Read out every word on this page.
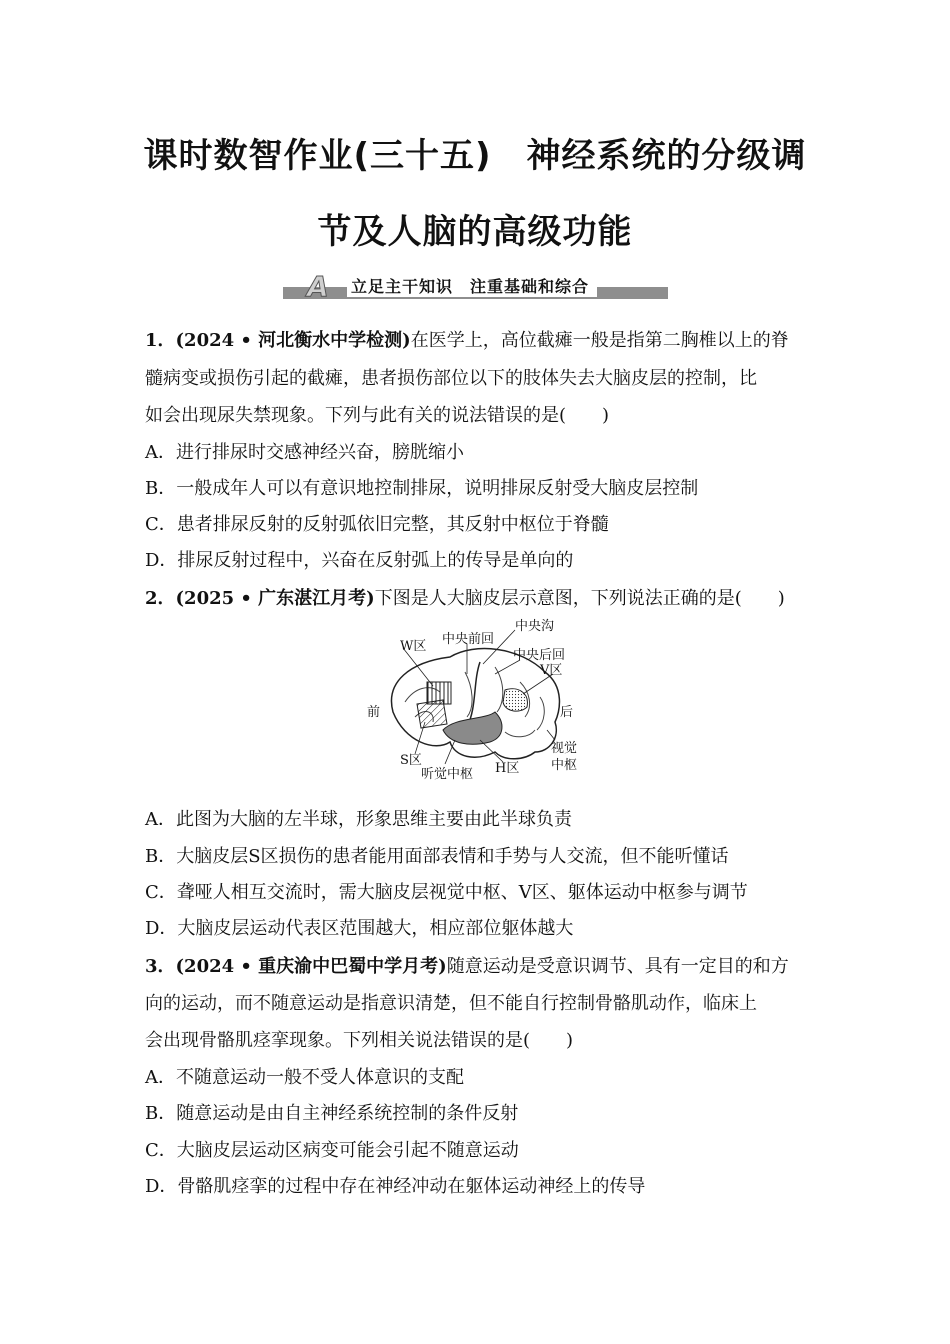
课时数智作业(三十五)　神经系统的分级调
节及人脑的高级功能
A 立足主干知识　注重基础和综合
1．(2024 • 河北衡水中学检测)在医学上，高位截瘫一般是指第二胸椎以上的脊
髓病变或损伤引起的截瘫，患者损伤部位以下的肢体失去大脑皮层的控制，比
如会出现尿失禁现象。下列与此有关的说法错误的是(　　)
A．进行排尿时交感神经兴奋，膀胱缩小
B．一般成年人可以有意识地控制排尿，说明排尿反射受大脑皮层控制
C．患者排尿反射的反射弧依旧完整，其反射中枢位于脊髓
D．排尿反射过程中，兴奋在反射弧上的传导是单向的
2．(2025 • 广东湛江月考)下图是人大脑皮层示意图，下列说法正确的是(　　)
W区 中央前回
中央沟
中央后回
V区
前	后
S区
听觉中枢 H区
视觉
中枢
A．此图为大脑的左半球，形象思维主要由此半球负责
B．大脑皮层S区损伤的患者能用面部表情和手势与人交流，但不能听懂话
C．聋哑人相互交流时，需大脑皮层视觉中枢、V区、躯体运动中枢参与调节
D．大脑皮层运动代表区范围越大，相应部位躯体越大
3．(2024 • 重庆渝中巴蜀中学月考)随意运动是受意识调节、具有一定目的和方
向的运动，而不随意运动是指意识清楚，但不能自行控制骨骼肌动作，临床上
会出现骨骼肌痉挛现象。下列相关说法错误的是(　　)
A．不随意运动一般不受人体意识的支配
B．随意运动是由自主神经系统控制的条件反射
C．大脑皮层运动区病变可能会引起不随意运动
D．骨骼肌痉挛的过程中存在神经冲动在躯体运动神经上的传导
